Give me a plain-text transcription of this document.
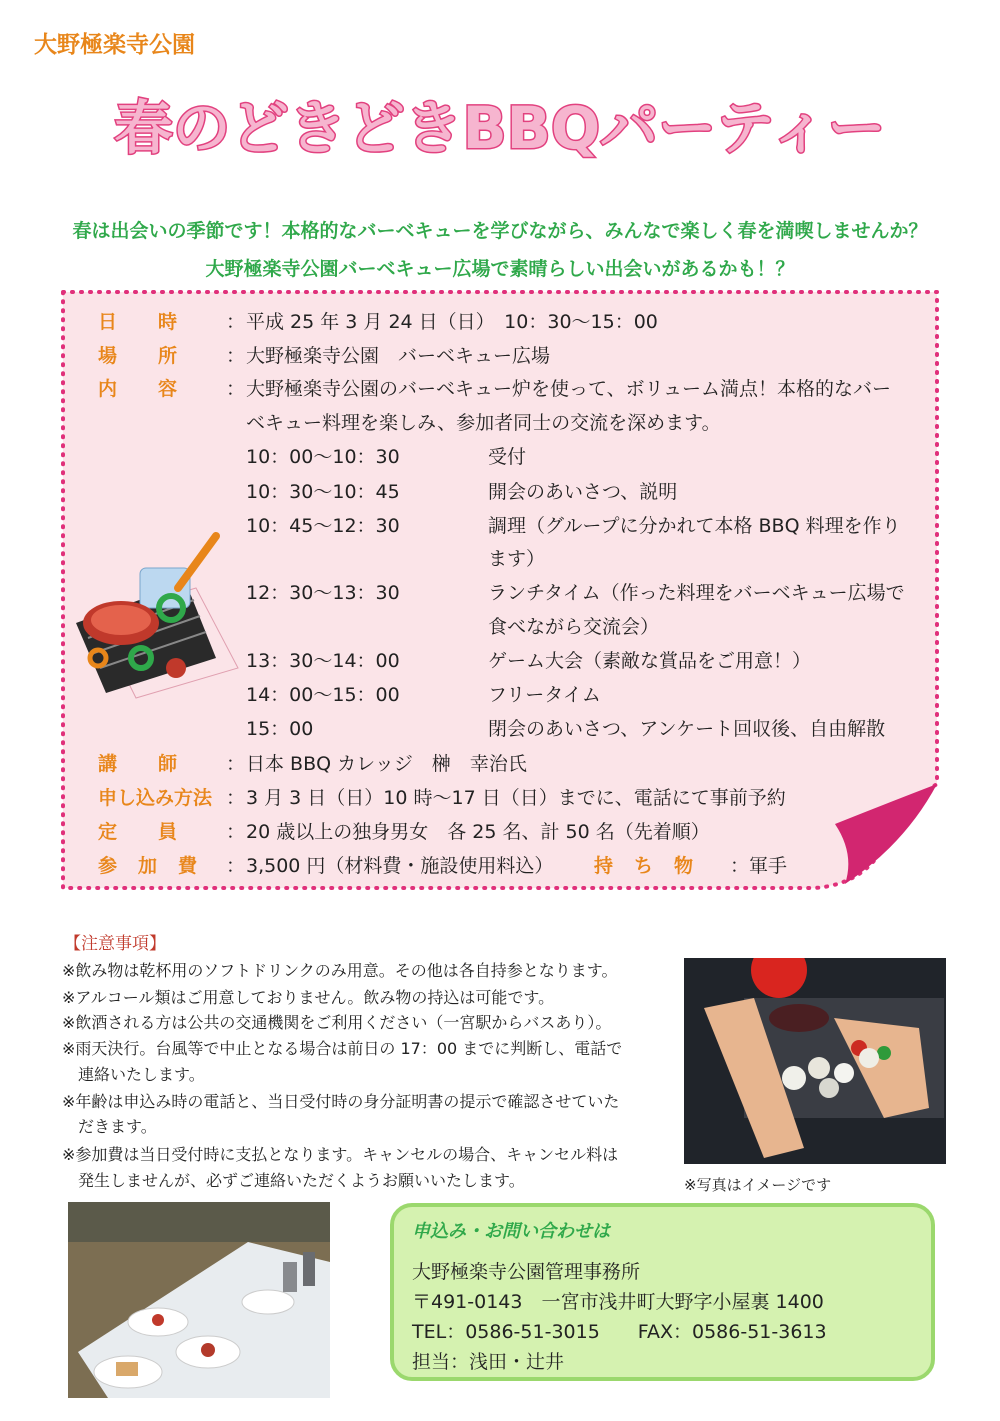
大野極楽寺公園
春のどきどきBBQパーティー
春は出会いの季節です！本格的なバーベキューを学びながら、みんなで楽しく春を満喫しませんか？
大野極楽寺公園バーベキュー広場で素晴らしい出会いがあるかも！？
日　　時	： 平成 25 年 3 月 24 日（日）　10：30～15：00
場　　所	： 大野極楽寺公園　バーベキュー広場
内　　容	： 大野極楽寺公園のバーベキュー炉を使って、ボリューム満点！本格的なバー
ベキュー料理を楽しみ、参加者同士の交流を深めます。
10：00～10：30	受付
10：30～10：45	開会のあいさつ、説明
10：45～12：30	調理（グループに分かれて本格 BBQ 料理を作り
ます）
12：30～13：30	ランチタイム（作った料理をバーベキュー広場で
食べながら交流会）
13：30～14：00	ゲーム大会（素敵な賞品をご用意！）
14：00～15：00	フリータイム
15：00	閉会のあいさつ、アンケート回収後、自由解散
講　　師	： 日本 BBQ カレッジ　榊　幸治氏
申し込み方法 ： 3 月 3 日（日）10 時～17 日（日）までに、電話にて事前予約
定　　員	： 20 歳以上の独身男女　各 25 名、計 50 名（先着順）
参　加　費 ： 3,500 円（材料費・施設使用料込） 持　ち　物 ：軍手
【注意事項】
※飲み物は乾杯用のソフトドリンクのみ用意。その他は各自持参となります。
※アルコール類はご用意しておりません。飲み物の持込は可能です。
※飲酒される方は公共の交通機関をご利用ください（一宮駅からバスあり）。
※雨天決行。台風等で中止となる場合は前日の 17：00 までに判断し、電話で
　連絡いたします。
※年齢は申込み時の電話と、当日受付時の身分証明書の提示で確認させていた
　だきます。
※参加費は当日受付時に支払となります。キャンセルの場合、キャンセル料は
　発生しませんが、必ずご連絡いただくようお願いいたします。	※写真はイメージです
申込み・お問い合わせは
大野極楽寺公園管理事務所
〒491-0143　一宮市浅井町大野字小屋裏 1400
TEL：0586-51-3015　　FAX：0586-51-3613
担当：浅田・辻井
